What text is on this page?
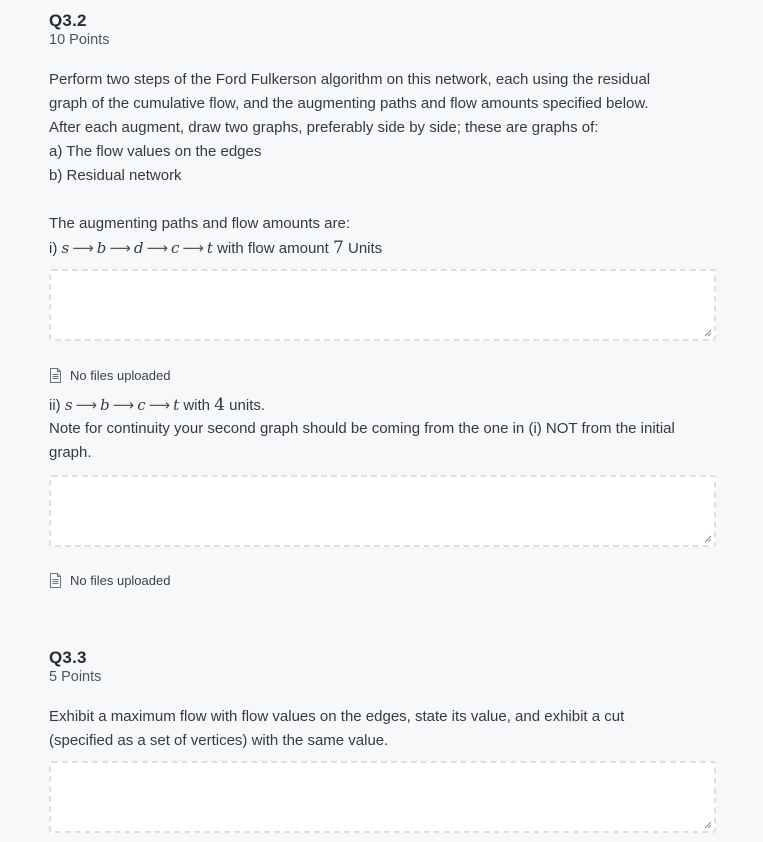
Q3.2
10 Points
Perform two steps of the Ford Fulkerson algorithm on this network, each using the residual
graph of the cumulative flow, and the augmenting paths and flow amounts specified below.
After each augment, draw two graphs, preferably side by side; these are graphs of:
a) The flow values on the edges
b) Residual network
The augmenting paths and flow amounts are:
i) s ⟶ b ⟶ d ⟶ c ⟶ t with flow amount 7 Units
No files uploaded
ii) s ⟶ b ⟶ c ⟶ t with 4 units.
Note for continuity your second graph should be coming from the one in (i) NOT from the initial
graph.
No files uploaded
Q3.3
5 Points
Exhibit a maximum flow with flow values on the edges, state its value, and exhibit a cut
(specified as a set of vertices) with the same value.
